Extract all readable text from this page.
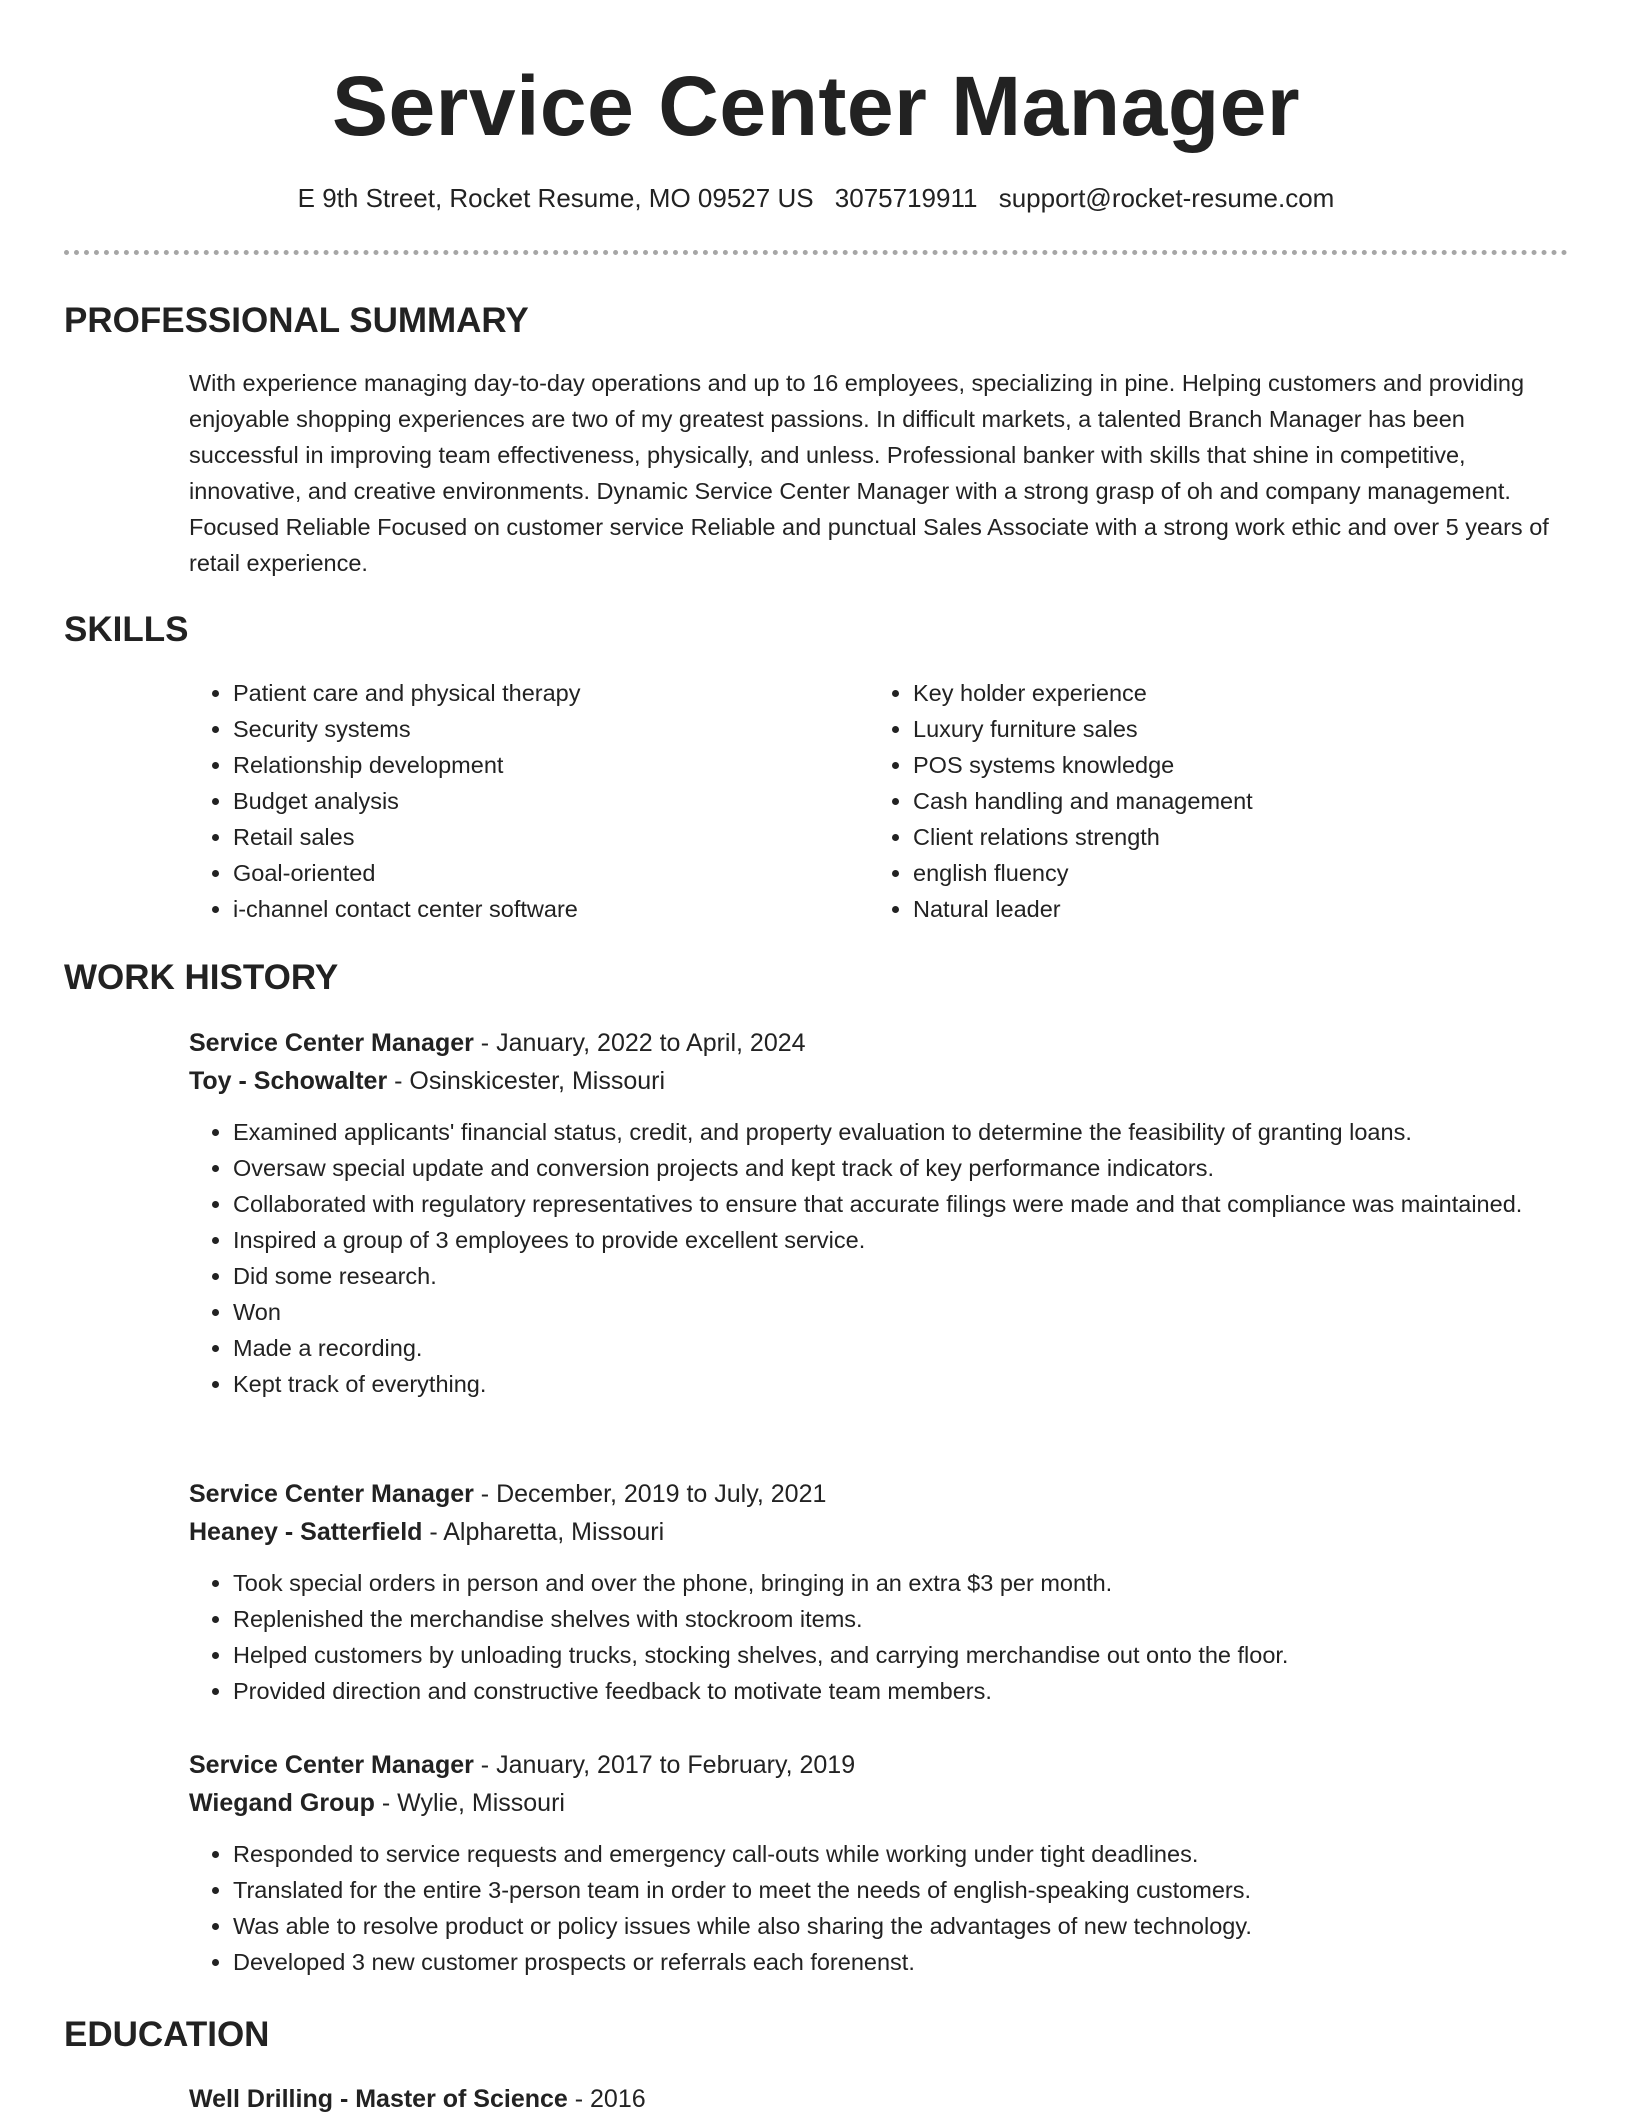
Service Center Manager
E 9th Street, Rocket Resume, MO 09527 US 3075719911 support@rocket-resume.com
PROFESSIONAL SUMMARY

With experience managing day-to-day operations and up to 16 employees, specializing in pine. Helping customers and providing enjoyable shopping experiences are two of my greatest passions. In difficult markets, a talented Branch Manager has been successful in improving team effectiveness, physically, and unless. Professional banker with skills that shine in competitive, innovative, and creative environments. Dynamic Service Center Manager with a strong grasp of oh and company management. Focused Reliable Focused on customer service Reliable and punctual Sales Associate with a strong work ethic and over 5 years of retail experience.

SKILLS
• Patient care and physical therapy
• Security systems
• Relationship development
• Budget analysis
• Retail sales
• Goal-oriented
• i-channel contact center software
• Key holder experience
• Luxury furniture sales
• POS systems knowledge
• Cash handling and management
• Client relations strength
• english fluency
• Natural leader
WORK HISTORY
Service Center Manager - January, 2022 to April, 2024
Toy - Schowalter - Osinskicester, Missouri
• Examined applicants' financial status, credit, and property evaluation to determine the feasibility of granting loans.
• Oversaw special update and conversion projects and kept track of key performance indicators.
• Collaborated with regulatory representatives to ensure that accurate filings were made and that compliance was maintained.
• Inspired a group of 3 employees to provide excellent service.
• Did some research.
• Won
• Made a recording.
• Kept track of everything.
Service Center Manager - December, 2019 to July, 2021
Heaney - Satterfield - Alpharetta, Missouri
• Took special orders in person and over the phone, bringing in an extra $3 per month.
• Replenished the merchandise shelves with stockroom items.
• Helped customers by unloading trucks, stocking shelves, and carrying merchandise out onto the floor.
• Provided direction and constructive feedback to motivate team members.
Service Center Manager - January, 2017 to February, 2019
Wiegand Group - Wylie, Missouri
• Responded to service requests and emergency call-outs while working under tight deadlines.
• Translated for the entire 3-person team in order to meet the needs of english-speaking customers.
• Was able to resolve product or policy issues while also sharing the advantages of new technology.
• Developed 3 new customer prospects or referrals each forenenst.
EDUCATION
Well Drilling - Master of Science - 2016
